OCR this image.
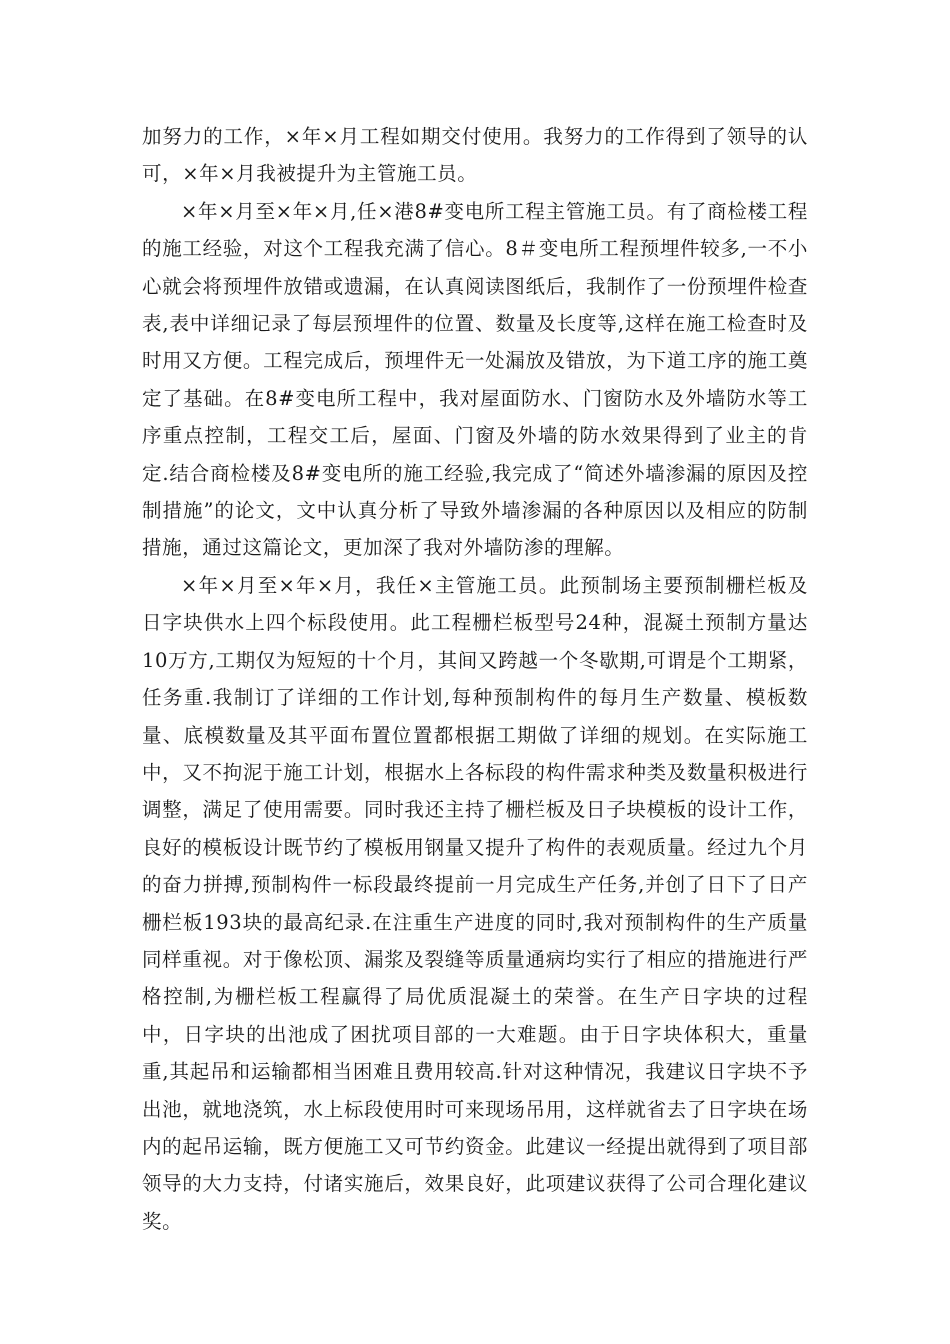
加努力的工作，×年×月工程如期交付使用。我努力的工作得到了领导的认可，×年×月我被提升为主管施工员。

×年×月至×年×月,任×港8#变电所工程主管施工员。有了商检楼工程的施工经验，对这个工程我充满了信心。8＃变电所工程预埋件较多,一不小心就会将预埋件放错或遗漏，在认真阅读图纸后，我制作了一份预埋件检查表,表中详细记录了每层预埋件的位置、数量及长度等,这样在施工检查时及时用又方便。工程完成后，预埋件无一处漏放及错放，为下道工序的施工奠定了基础。在8#变电所工程中，我对屋面防水、门窗防水及外墙防水等工序重点控制，工程交工后，屋面、门窗及外墙的防水效果得到了业主的肯定.结合商检楼及8#变电所的施工经验,我完成了“简述外墙渗漏的原因及控制措施”的论文，文中认真分析了导致外墙渗漏的各种原因以及相应的防制措施，通过这篇论文，更加深了我对外墙防渗的理解。

×年×月至×年×月，我任×主管施工员。此预制场主要预制栅栏板及日字块供水上四个标段使用。此工程栅栏板型号24种，混凝土预制方量达10万方,工期仅为短短的十个月，其间又跨越一个冬歇期,可谓是个工期紧，任务重.我制订了详细的工作计划,每种预制构件的每月生产数量、模板数量、底模数量及其平面布置位置都根据工期做了详细的规划。在实际施工中，又不拘泥于施工计划，根据水上各标段的构件需求种类及数量积极进行调整，满足了使用需要。同时我还主持了栅栏板及日子块模板的设计工作，良好的模板设计既节约了模板用钢量又提升了构件的表观质量。经过九个月的奋力拼搏,预制构件一标段最终提前一月完成生产任务,并创了日下了日产栅栏板193块的最高纪录.在注重生产进度的同时,我对预制构件的生产质量同样重视。对于像松顶、漏浆及裂缝等质量通病均实行了相应的措施进行严格控制,为栅栏板工程赢得了局优质混凝土的荣誉。在生产日字块的过程中，日字块的出池成了困扰项目部的一大难题。由于日字块体积大，重量重,其起吊和运输都相当困难且费用较高.针对这种情况，我建议日字块不予出池，就地浇筑，水上标段使用时可来现场吊用，这样就省去了日字块在场内的起吊运输，既方便施工又可节约资金。此建议一经提出就得到了项目部领导的大力支持，付诸实施后，效果良好，此项建议获得了公司合理化建议奖。
